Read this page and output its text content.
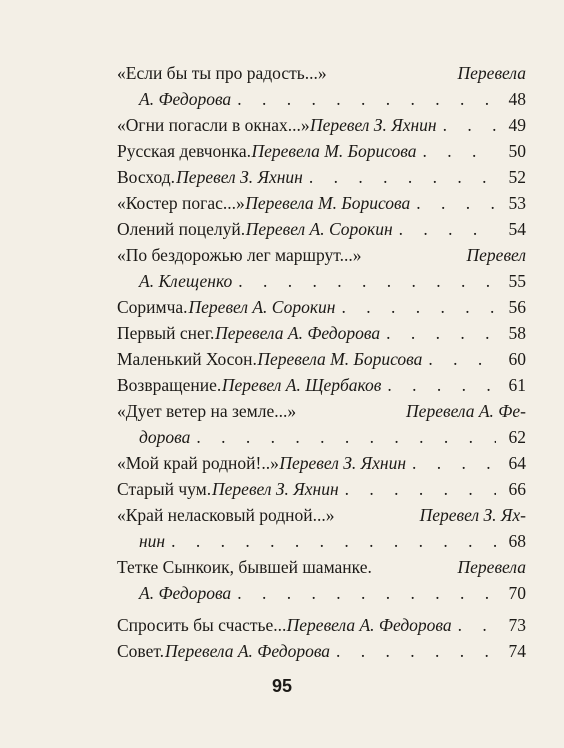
«Если бы ты про радость...»	Перевела
А. Федорова . . .	48
«Огни погасли в окнах...» Перевел З. Яхнин . . .	49
Русская девчонка. Перевела М. Борисова . . .	50
Восход. Перевел З. Яхнин . . .	52
«Костер погас...» Перевела М. Борисова . . .	53
Олений поцелуй. Перевел А. Сорокин . . .	54
«По бездорожью лег маршрут...»	Перевел
А. Клещенко . . .	55
Соримча. Перевел А. Сорокин . . .	56
Первый снег. Перевела А. Федорова . . .	58
Маленький Хосон. Перевела М. Борисова . . .	60
Возвращение. Перевел А. Щербаков . . .	61
«Дует ветер на земле...»	Перевела А. Фе-
дорова . . .	62
«Мой край родной!..» Перевел З. Яхнин . . .	64
Старый чум. Перевел З. Яхнин . . .	66
«Край неласковый родной...»	Перевел З. Ях-
нин . . .	68
Тетке Сынкоик, бывшей шаманке.	Перевела
А. Федорова . . .	70
Спросить бы счастье... Перевела А. Федорова . . .	73
Совет. Перевела А. Федорова . . .	74
95
